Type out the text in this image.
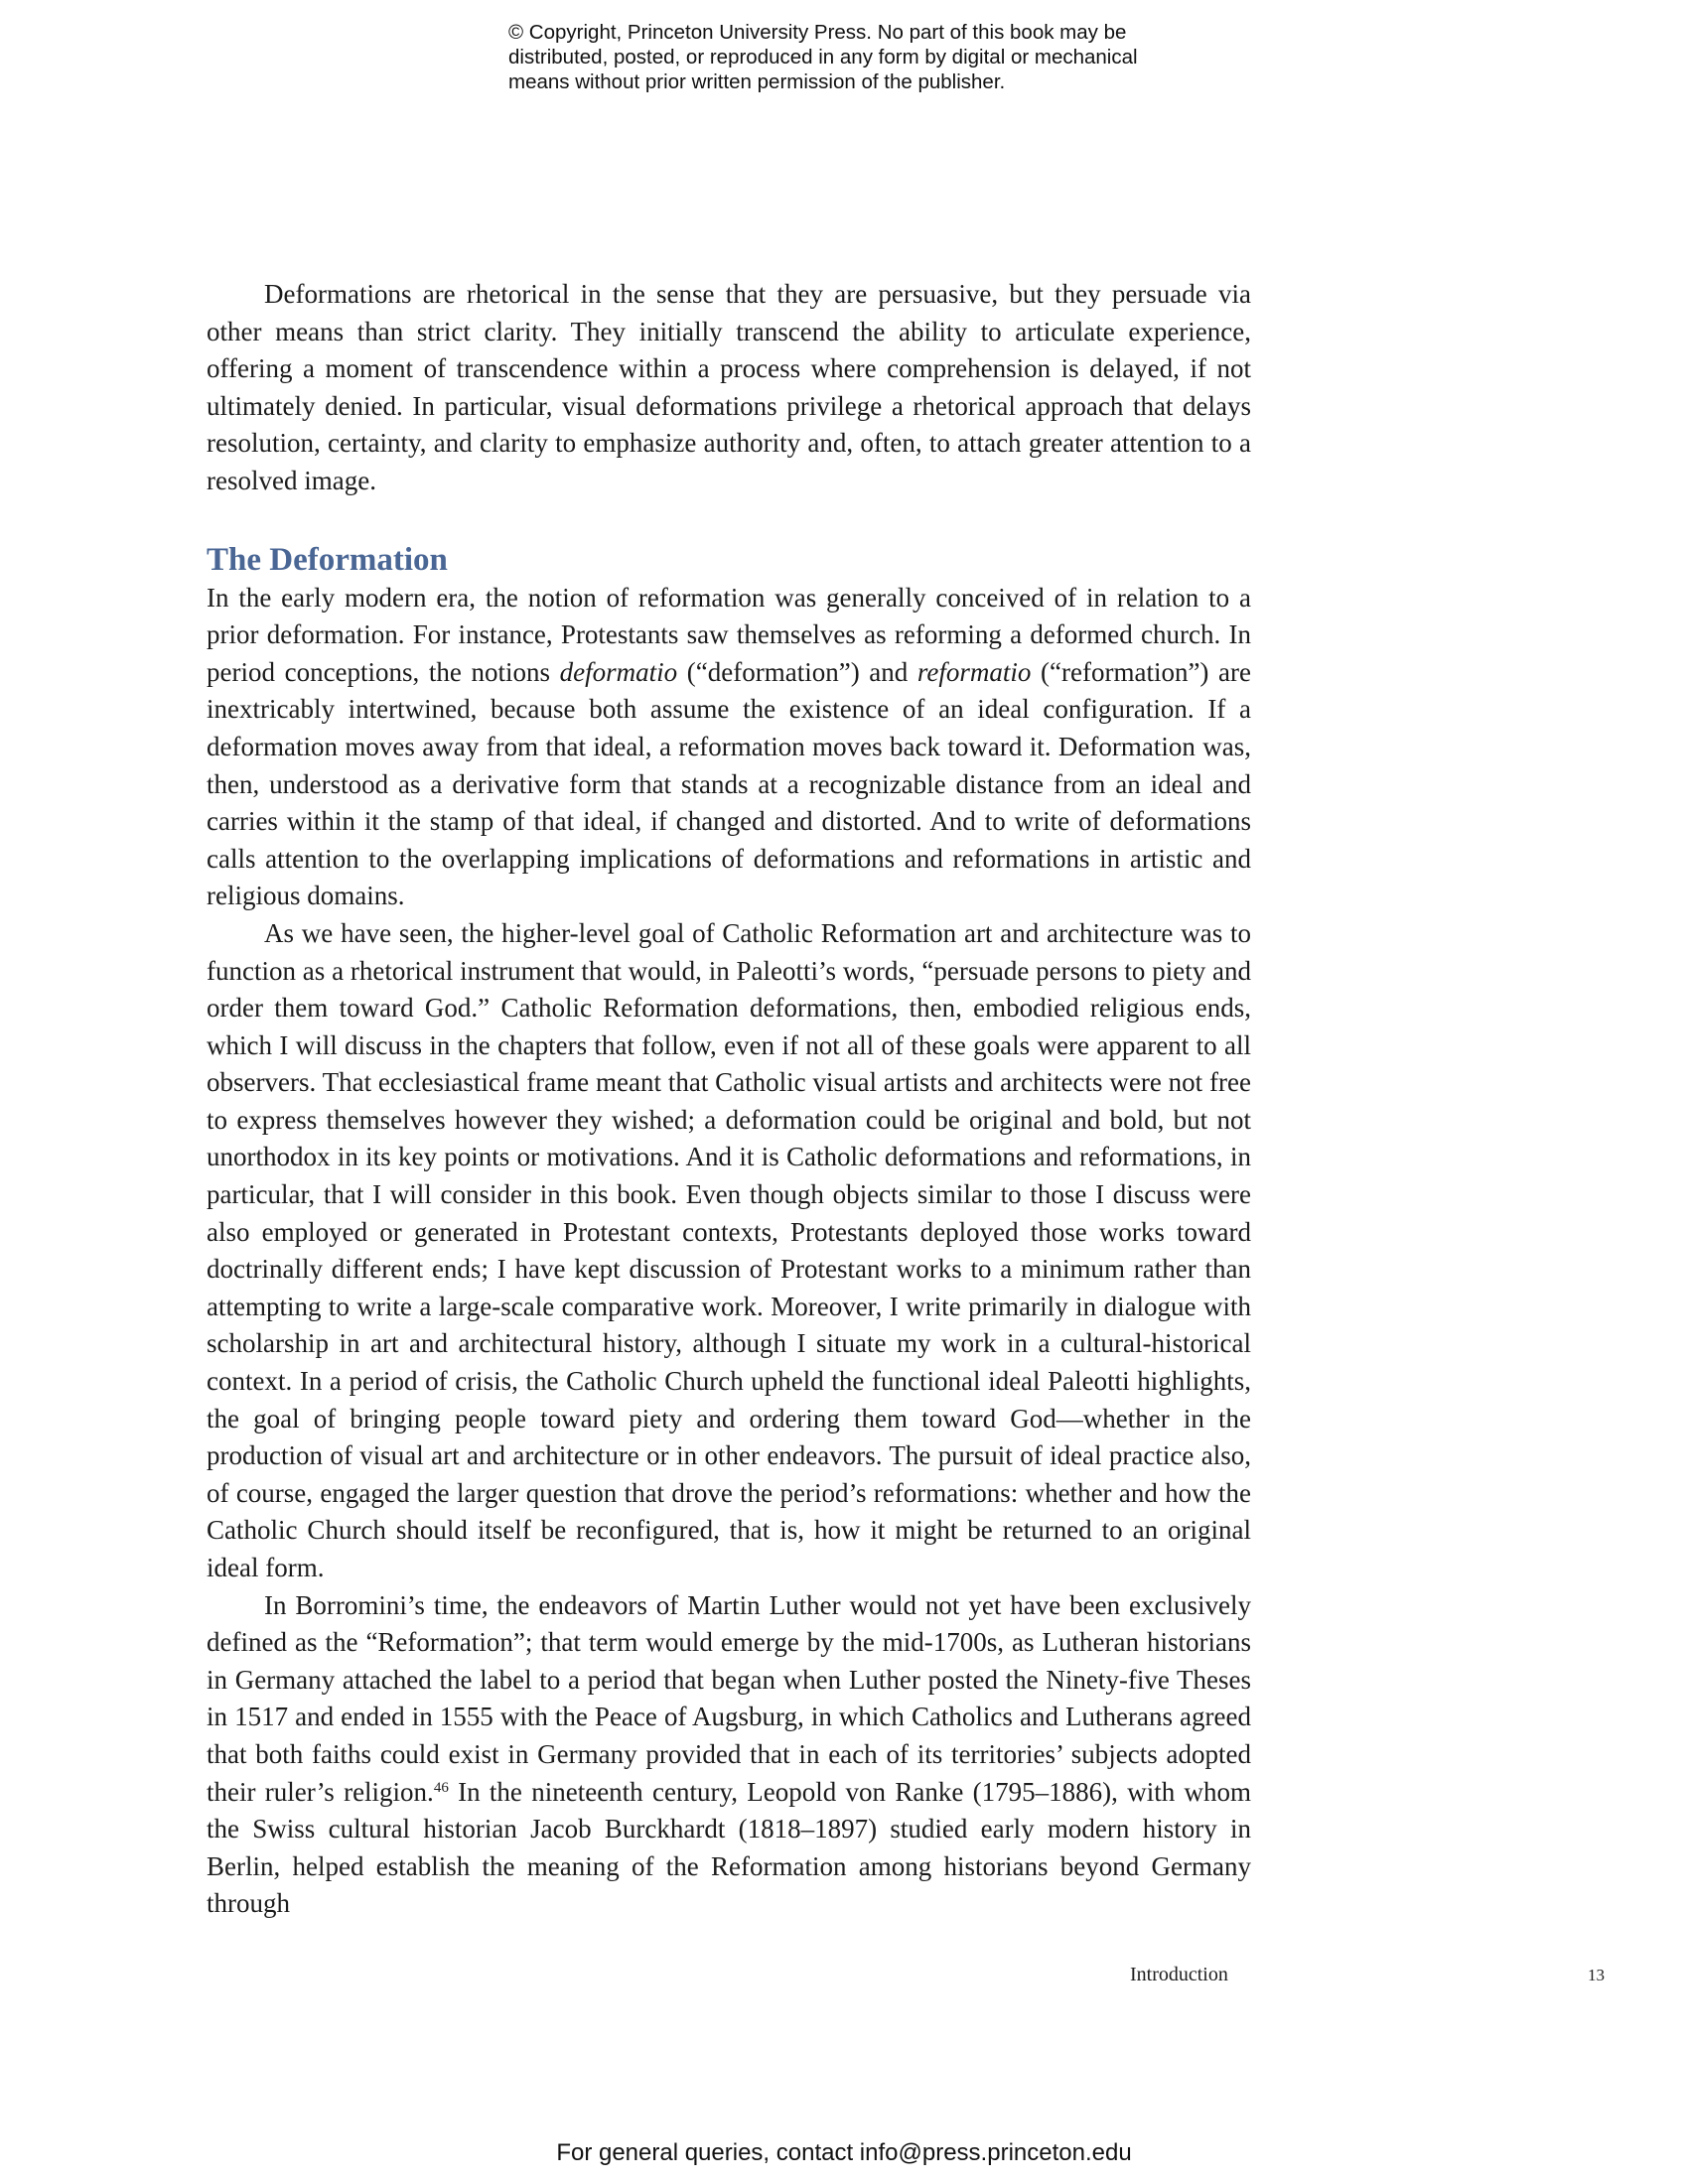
© Copyright, Princeton University Press. No part of this book may be
distributed, posted, or reproduced in any form by digital or mechanical
means without prior written permission of the publisher.

Deformations are rhetorical in the sense that they are persuasive, but they persuade via other means than strict clarity. They initially transcend the ability to articulate experience, offering a moment of transcendence within a process where comprehension is delayed, if not ultimately denied. In particular, visual deformations privilege a rhetorical approach that delays resolution, certainty, and clarity to emphasize authority and, often, to attach greater attention to a resolved image.

The Deformation

In the early modern era, the notion of reformation was generally conceived of in relation to a prior deformation. For instance, Protestants saw themselves as reforming a deformed church. In period conceptions, the notions deformatio (“deformation”) and reformatio (“reformation”) are inextricably intertwined, because both assume the existence of an ideal configuration. If a deformation moves away from that ideal, a reformation moves back toward it. Deformation was, then, understood as a derivative form that stands at a recognizable distance from an ideal and carries within it the stamp of that ideal, if changed and distorted. And to write of deformations calls attention to the overlapping implications of deformations and reformations in artistic and religious domains.

As we have seen, the higher-level goal of Catholic Reformation art and architecture was to function as a rhetorical instrument that would, in Paleotti’s words, “persuade persons to piety and order them toward God.” Catholic Reformation deformations, then, embodied religious ends, which I will discuss in the chapters that follow, even if not all of these goals were apparent to all observers. That ecclesiastical frame meant that Catholic visual artists and architects were not free to express themselves however they wished; a deformation could be original and bold, but not unorthodox in its key points or motivations. And it is Catholic deformations and reformations, in particular, that I will consider in this book. Even though objects similar to those I discuss were also employed or generated in Protestant contexts, Protestants deployed those works toward doctrinally different ends; I have kept discussion of Protestant works to a minimum rather than attempting to write a large-scale comparative work. Moreover, I write primarily in dialogue with scholarship in art and architectural history, although I situate my work in a cultural-historical context. In a period of crisis, the Catholic Church upheld the functional ideal Paleotti highlights, the goal of bringing people toward piety and ordering them toward God—whether in the production of visual art and architecture or in other endeavors. The pursuit of ideal practice also, of course, engaged the larger question that drove the period’s reformations: whether and how the Catholic Church should itself be reconfigured, that is, how it might be returned to an original ideal form.

In Borromini’s time, the endeavors of Martin Luther would not yet have been exclusively defined as the “Reformation”; that term would emerge by the mid-1700s, as Lutheran historians in Germany attached the label to a period that began when Luther posted the Ninety-five Theses in 1517 and ended in 1555 with the Peace of Augsburg, in which Catholics and Lutherans agreed that both faiths could exist in Germany provided that in each of its territories’ subjects adopted their ruler’s religion.$^{46}$ In the nineteenth century, Leopold von Ranke (1795–1886), with whom the Swiss cultural historian Jacob Burckhardt (1818–1897) studied early modern history in Berlin, helped establish the meaning of the Reformation among historians beyond Germany through

Introduction	13
For general queries, contact info@press.princeton.edu
